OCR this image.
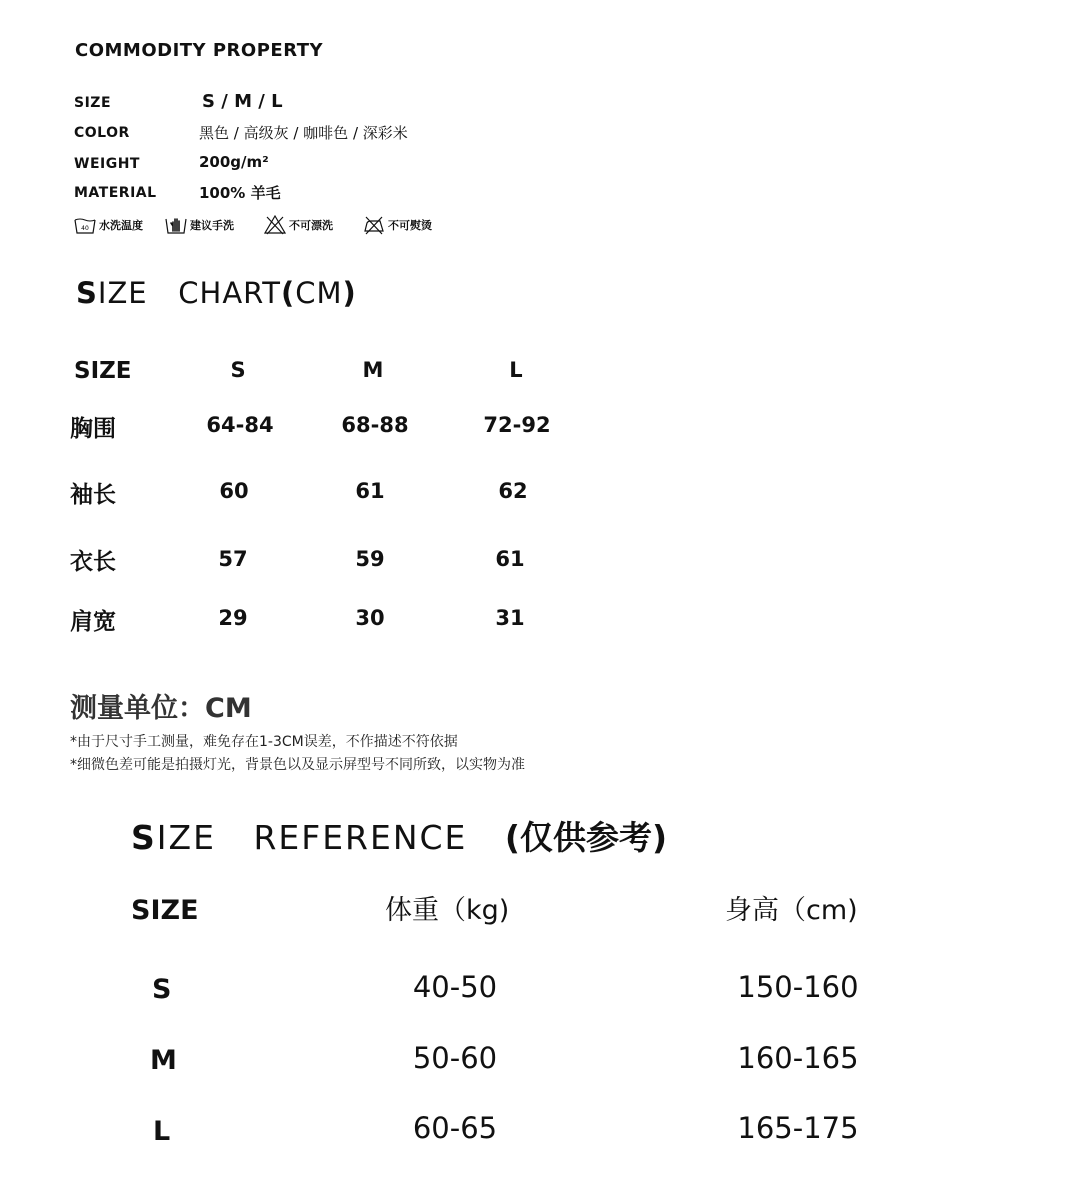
COMMODITY PROPERTY
SIZE	S / M / L
COLOR	黑色 / 高级灰 / 咖啡色 / 深彩米
WEIGHT	200g/m²
MATERIAL	100% 羊毛
40 水洗温度	建议手洗	不可漂洗	不可熨烫
SIZE   CHART(CM)
SIZE	S	M	L
胸围	64-84	68-88	72-92
袖长	60	61	62
衣长	57	59	61
肩宽	29	30	31
测量单位：CM
*由于尺寸手工测量，难免存在1-3CM误差，不作描述不符依据
*细微色差可能是拍摄灯光，背景色以及显示屏型号不同所致，以实物为准
SIZE   REFERENCE   (仅供参考)
SIZE	体重（kg)	身高（cm)
S	40-50	150-160
M	50-60	160-165
L	60-65	165-175
